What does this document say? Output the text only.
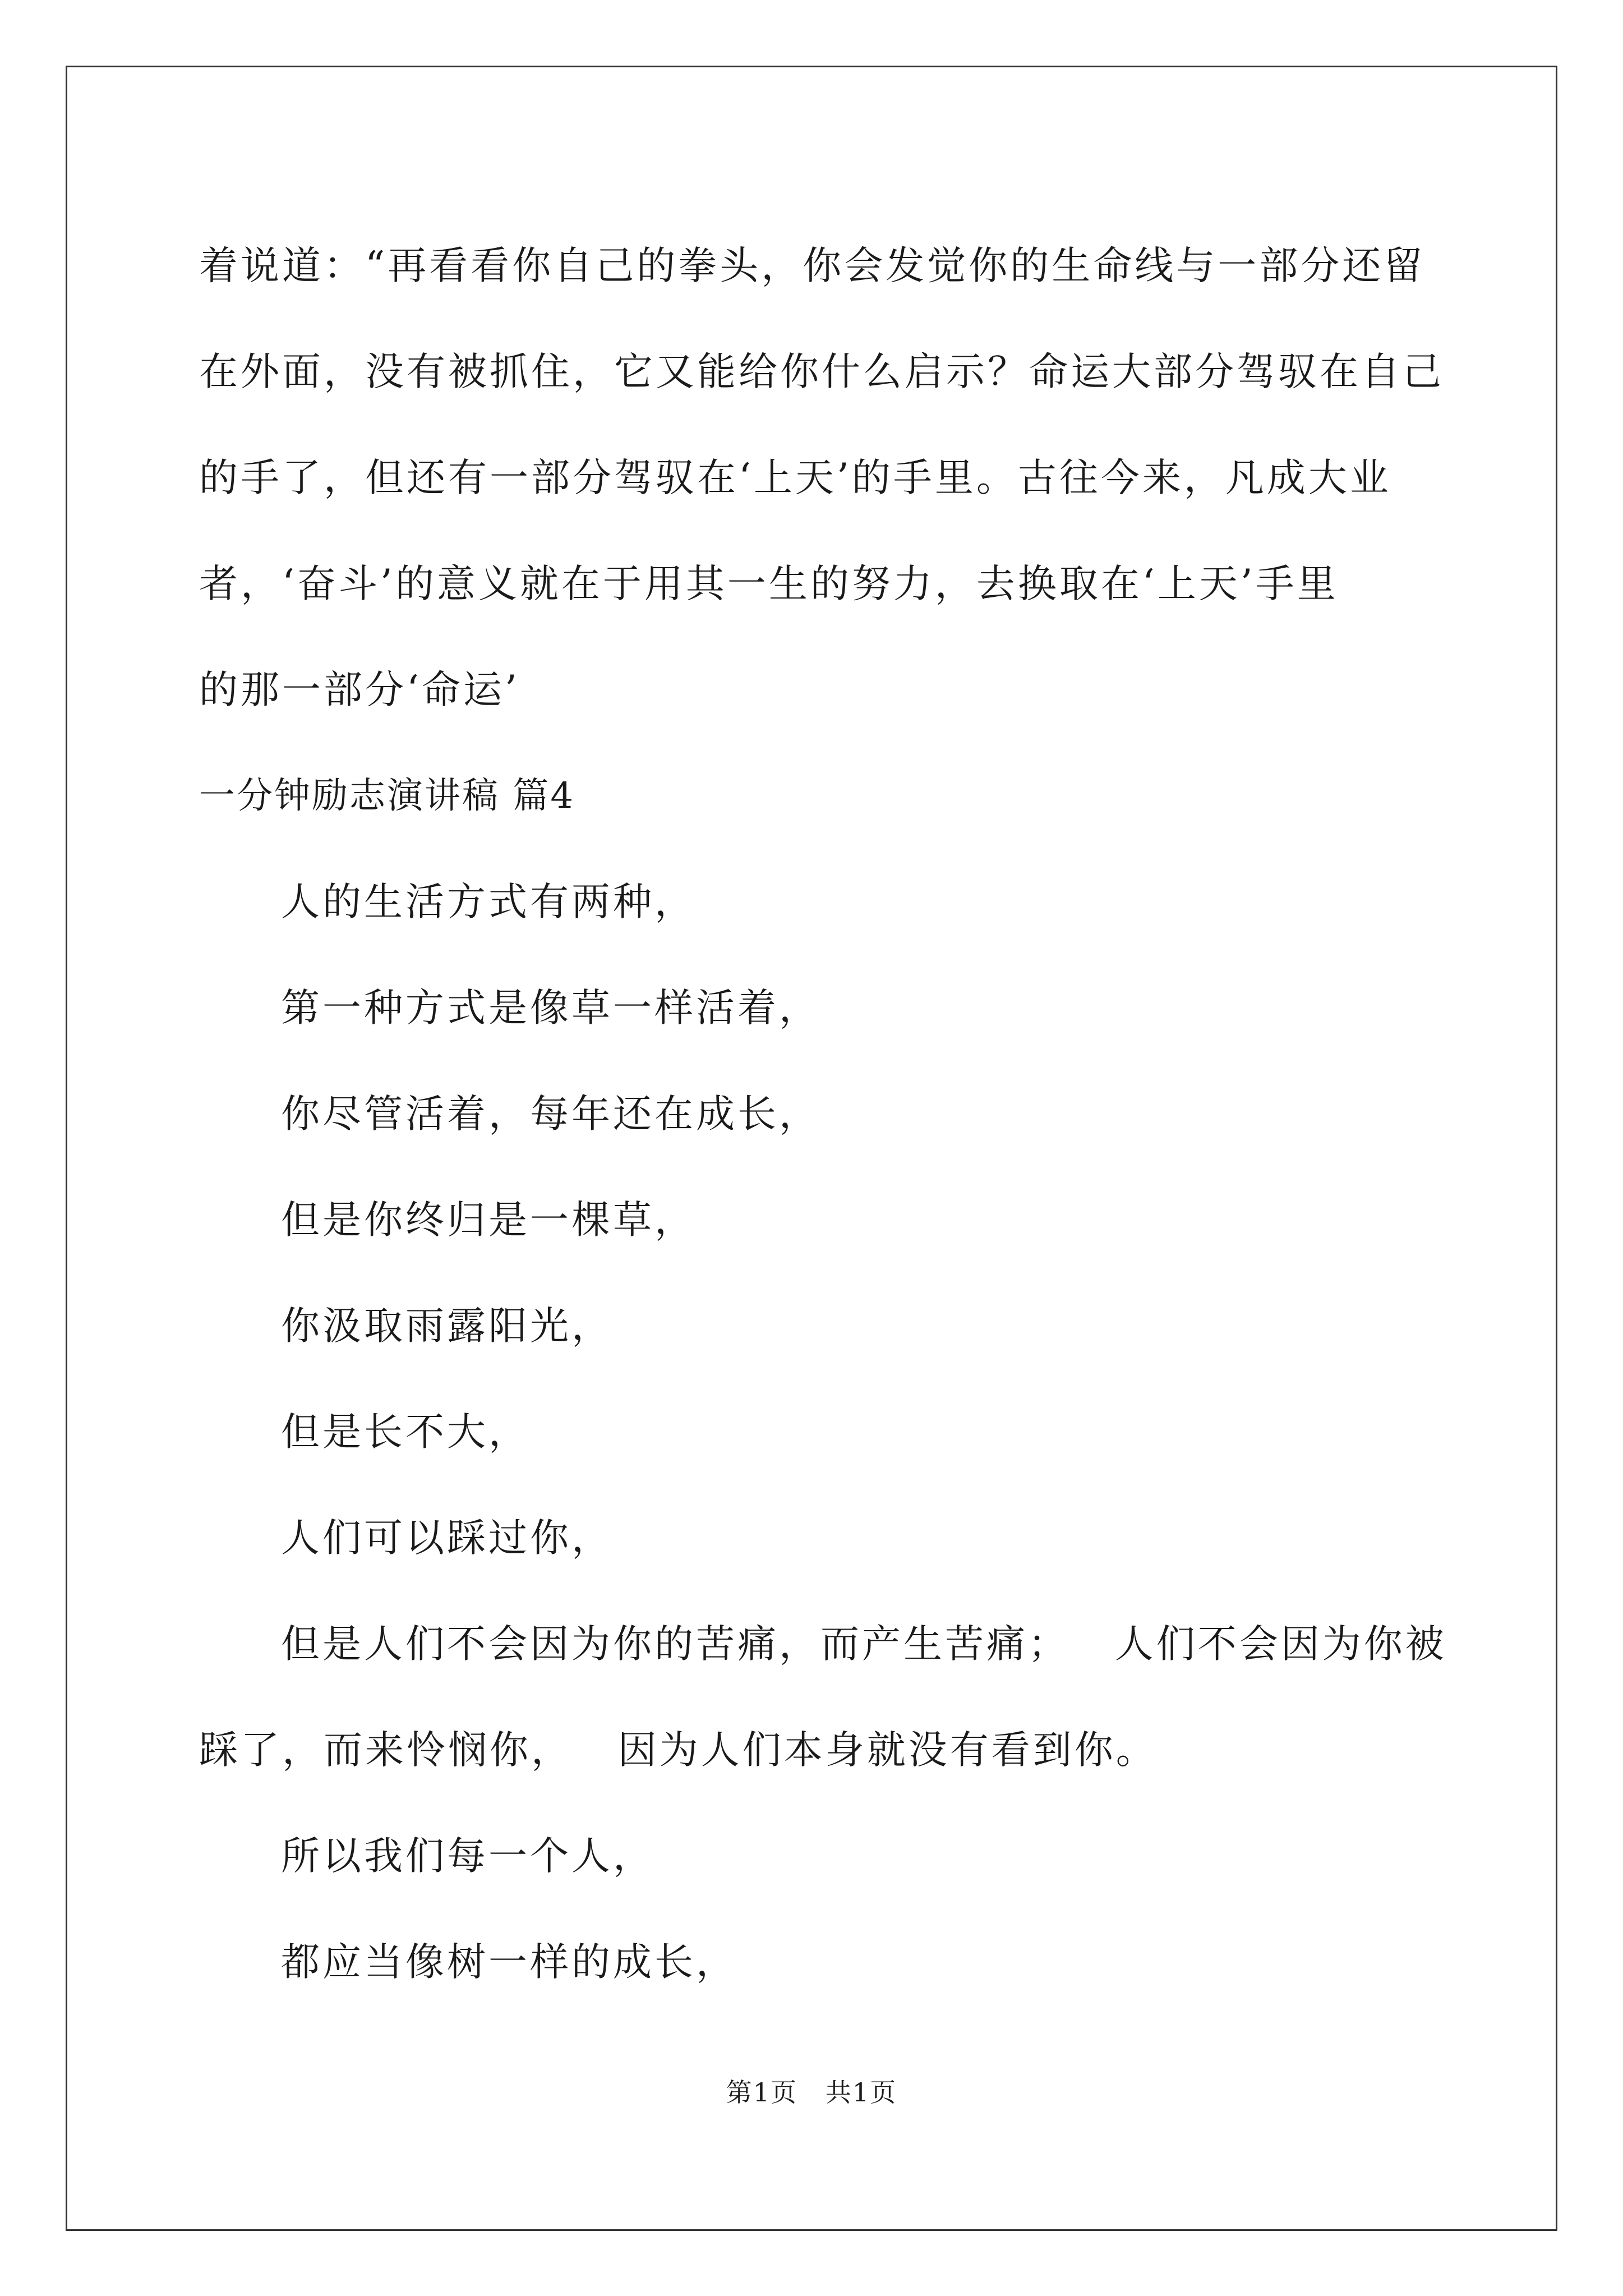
着说道：“再看看你自己的拳头，你会发觉你的生命线与一部分还留
在外面，没有被抓住，它又能给你什么启示？命运大部分驾驭在自己
的手了，但还有一部分驾驭在‘上天’的手里。古往今来，凡成大业
者，‘奋斗’的意义就在于用其一生的努力，去换取在‘上天’手里
的那一部分‘命运’
一分钟励志演讲稿 篇4
人的生活方式有两种，
第一种方式是像草一样活着，
你尽管活着，每年还在成长，
但是你终归是一棵草，
你汲取雨露阳光，
但是长不大，
人们可以踩过你，
但是人们不会因为你的苦痛，而产生苦痛；   人们不会因为你被
踩了，而来怜悯你，   因为人们本身就没有看到你。
所以我们每一个人，
都应当像树一样的成长，
第1页   共1页
